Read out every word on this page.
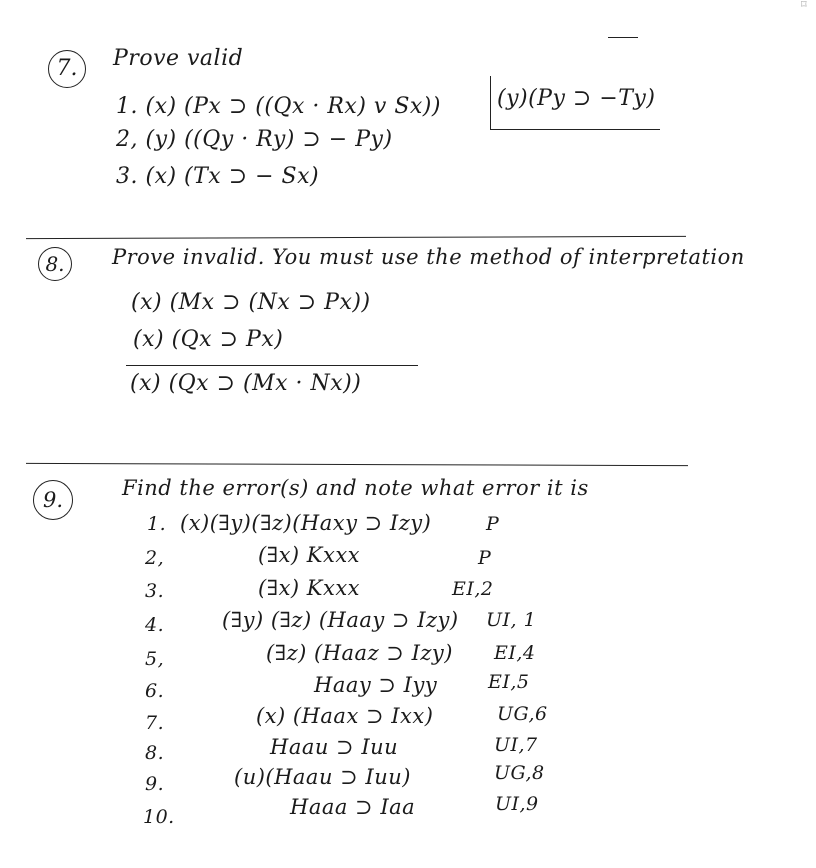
⌑
7.	Prove valid
1. (x) (Px ⊃ ((Qx · Rx) v Sx))
2, (y) ((Qy · Ry) ⊃ − Py)
3. (x) (Tx ⊃ − Sx)
(y)(Py ⊃ −Ty)
8.	Prove invalid. You must use the method of interpretation
(x) (Mx ⊃ (Nx ⊃ Px))
(x) (Qx ⊃ Px)
(x) (Qx ⊃ (Mx · Nx))
9.	Find the error(s) and note what error it is
1. (x)(∃y)(∃z)(Haxy ⊃ Izy)	P
2,	(∃x) Kxxx	P
3.	(∃x) Kxxx	EI,2
4.	(∃y) (∃z) (Haay ⊃ Izy) UI, 1
5,	(∃z) (Haaz ⊃ Izy) EI,4
6.	Haay ⊃ Iyy	EI,5
7.	(x) (Haax ⊃ Ixx)	UG,6
8.	Haau ⊃ Iuu	UI,7
9.	(u)(Haau ⊃ Iuu)	UG,8
10.	Haaa ⊃ Iaa	UI,9
